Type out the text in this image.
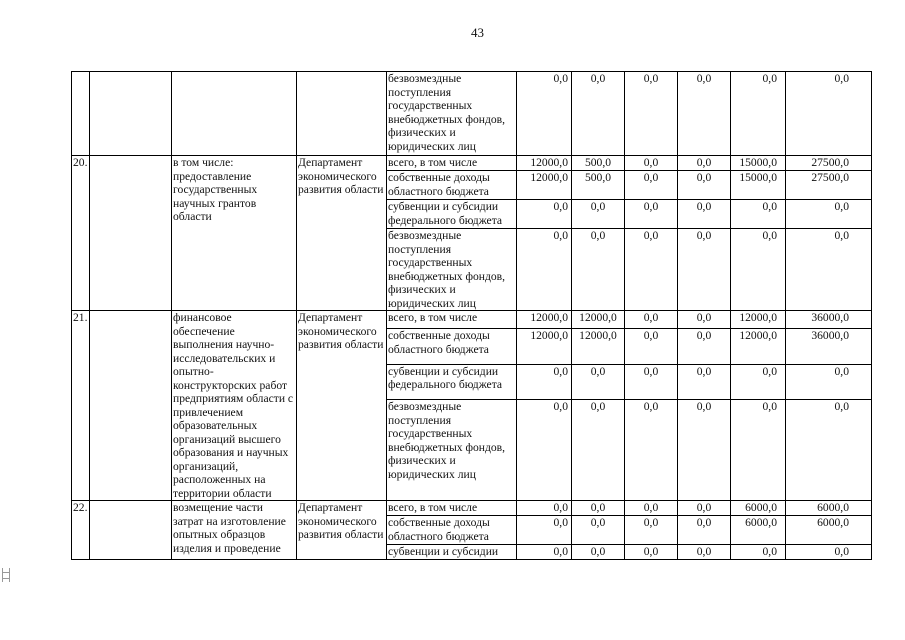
43
				безвозмездные поступления государственных внебюджетных фондов, физических и юридических лиц	0,0	0,0	0,0	0,0	0,0	0,0
20.		в том числе: предоставление государственных научных грантов области	Департамент экономического развития области	всего, в том числе	12000,0	500,0	0,0	0,0	15000,0	27500,0
				собственные доходы областного бюджета	12000,0	500,0	0,0	0,0	15000,0	27500,0
				субвенции и субсидии федерального бюджета	0,0	0,0	0,0	0,0	0,0	0,0
				безвозмездные поступления государственных внебюджетных фондов, физических и юридических лиц	0,0	0,0	0,0	0,0	0,0	0,0
21.		финансовое обеспечение выполнения научно-исследовательских и опытно-конструкторских работ предприятиям области с привлечением образовательных организаций высшего образования и научных организаций, расположенных на территории области	Департамент экономического развития области	всего, в том числе	12000,0	12000,0	0,0	0,0	12000,0	36000,0
				собственные доходы областного бюджета	12000,0	12000,0	0,0	0,0	12000,0	36000,0
				субвенции и субсидии федерального бюджета	0,0	0,0	0,0	0,0	0,0	0,0
				безвозмездные поступления государственных внебюджетных фондов, физических и юридических лиц	0,0	0,0	0,0	0,0	0,0	0,0
22.		возмещение части затрат на изготовление опытных образцов изделия и проведение	Департамент экономического развития области	всего, в том числе	0,0	0,0	0,0	0,0	6000,0	6000,0
				собственные доходы областного бюджета	0,0	0,0	0,0	0,0	6000,0	6000,0
				субвенции и субсидии	0,0	0,0	0,0	0,0	0,0	0,0
